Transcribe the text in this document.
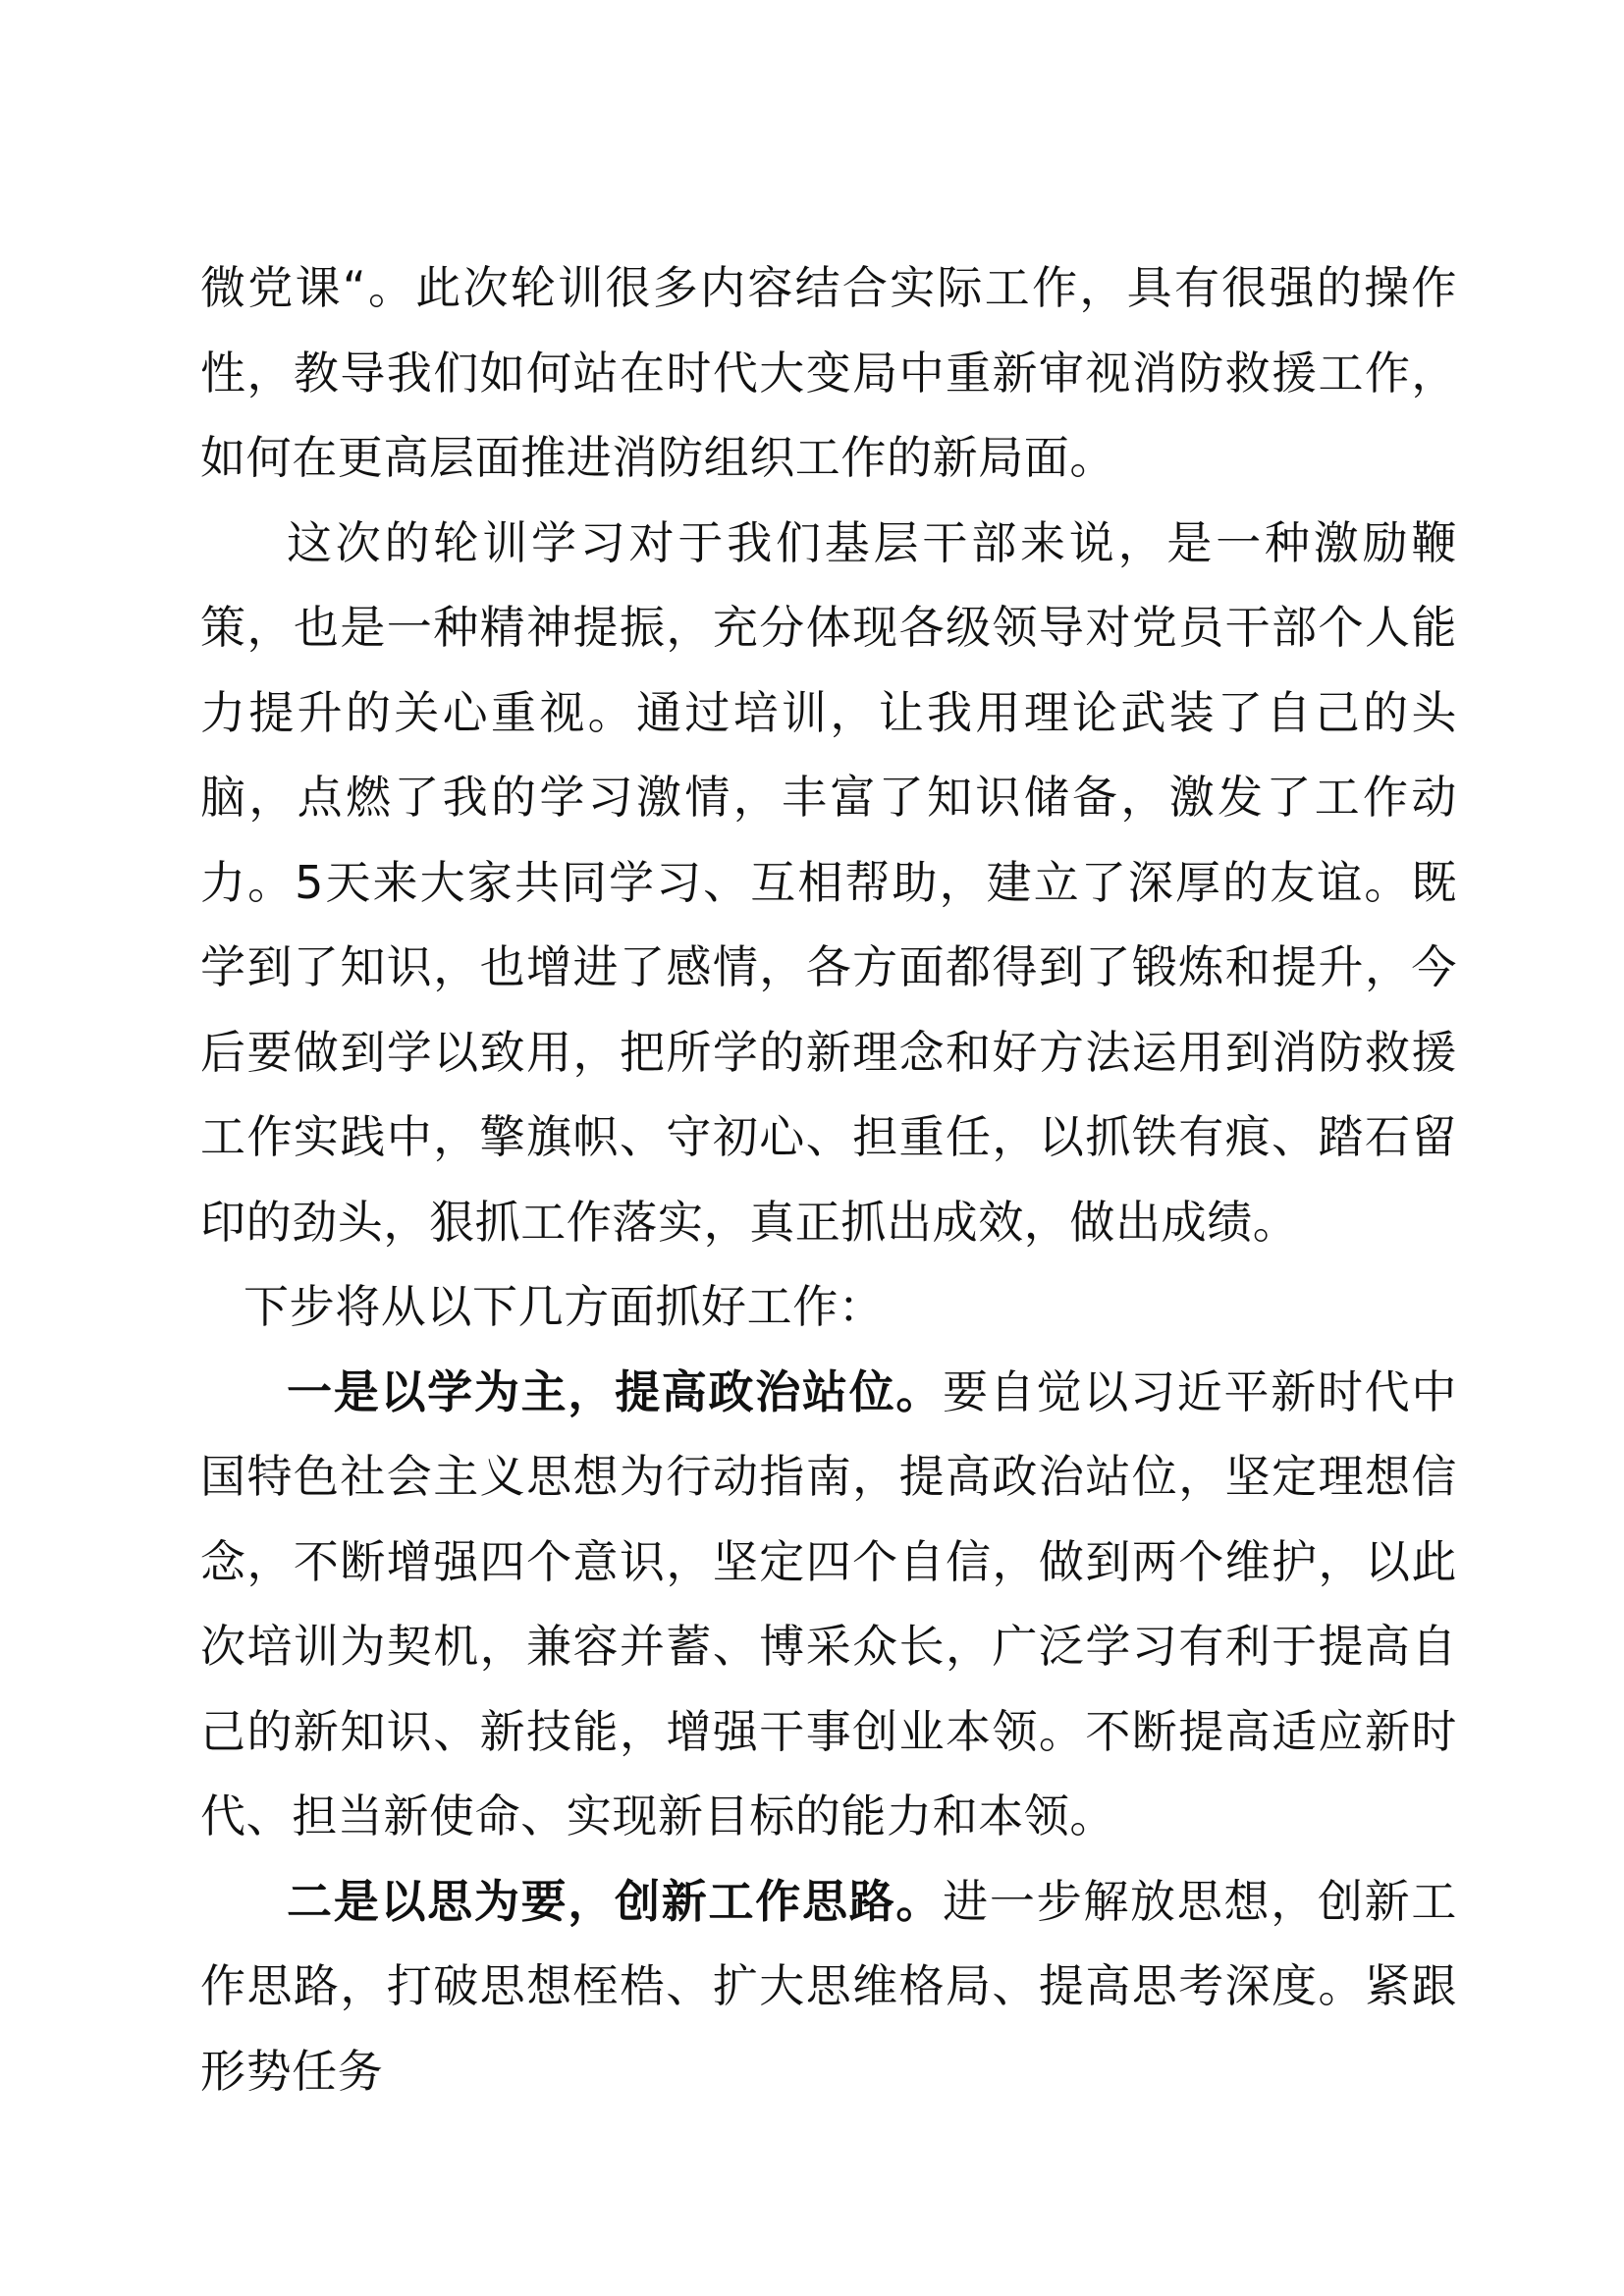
微党课“。此次轮训很多内容结合实际工作，具有很强的操作性，教导我们如何站在时代大变局中重新审视消防救援工作，如何在更高层面推进消防组织工作的新局面。

这次的轮训学习对于我们基层干部来说，是一种激励鞭策，也是一种精神提振，充分体现各级领导对党员干部个人能力提升的关心重视。通过培训，让我用理论武装了自己的头脑，点燃了我的学习激情，丰富了知识储备，激发了工作动力。5天来大家共同学习、互相帮助，建立了深厚的友谊。既学到了知识，也增进了感情，各方面都得到了锻炼和提升，今后要做到学以致用，把所学的新理念和好方法运用到消防救援工作实践中，擎旗帜、守初心、担重任，以抓铁有痕、踏石留印的劲头，狠抓工作落实，真正抓出成效，做出成绩。

下步将从以下几方面抓好工作：

一是以学为主，提高政治站位。要自觉以习近平新时代中国特色社会主义思想为行动指南，提高政治站位，坚定理想信念，不断增强四个意识，坚定四个自信，做到两个维护，以此次培训为契机，兼容并蓄、博采众长，广泛学习有利于提高自己的新知识、新技能，增强干事创业本领。不断提高适应新时代、担当新使命、实现新目标的能力和本领。

二是以思为要，创新工作思路。进一步解放思想，创新工作思路，打破思想桎梏、扩大思维格局、提高思考深度。紧跟形势任务
